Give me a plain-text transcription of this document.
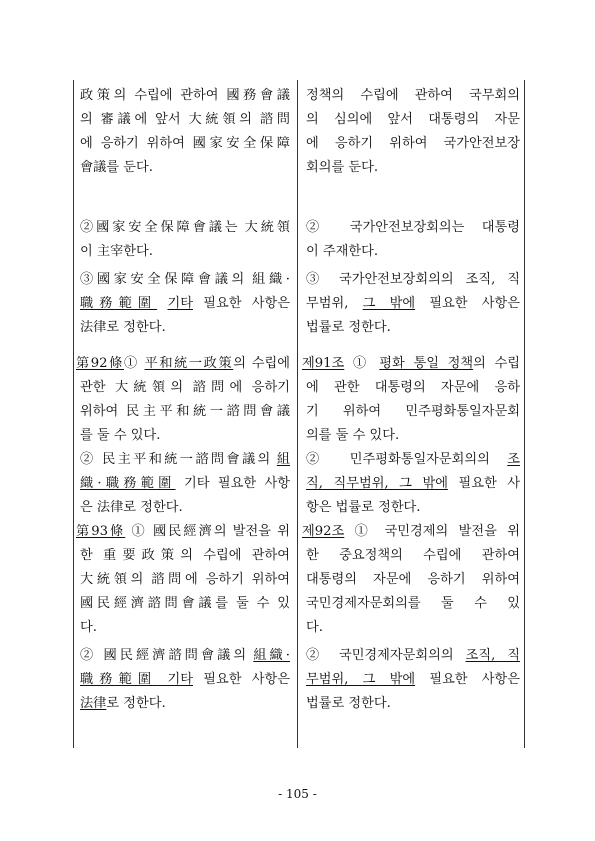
政策의 수립에 관하여 國務會議
의 審議에 앞서 大統領의 諮問
에 응하기 위하여 國家安全保障
會議를 둔다.
②國家安全保障會議는 大統領
이 主宰한다.
③國家安全保障會議의 組織·
職務範圍 기타 필요한 사항은
法律로 정한다.
第92條① 平和統一政策의 수립에
관한 大統領의 諮問에 응하기
위하여 民主平和統一諮問會議
를 둘 수 있다.
② 民主平和統一諮問會議의 組
織·職務範圍 기타 필요한 사항
은 法律로 정한다.
第93條 ① 國民經濟의 발전을 위
한 重要政策의 수립에 관하여
大統領의 諮問에 응하기 위하여
國民經濟諮問會議를 둘 수 있
다.
② 國民經濟諮問會議의 組織·
職務範圍 기타 필요한 사항은
法律로 정한다.
정책의 수립에 관하여 국무회의
의 심의에 앞서 대통령의 자문
에 응하기 위하여 국가안전보장
회의를 둔다.
② 국가안전보장회의는 대통령
이 주재한다.
③ 국가안전보장회의의 조직, 직
무범위, 그 밖에 필요한 사항은
법률로 정한다.
제91조 ① 평화 통일 정책의 수립
에 관한 대통령의 자문에 응하
기 위하여 민주평화통일자문회
의를 둘 수 있다.
② 민주평화통일자문회의의 조
직, 직무범위, 그 밖에 필요한 사
항은 법률로 정한다.
제92조 ① 국민경제의 발전을 위
한 중요정책의 수립에 관하여
대통령의 자문에 응하기 위하여
국민경제자문회의를 둘 수 있
다.
② 국민경제자문회의의 조직, 직
무범위, 그 밖에 필요한 사항은
법률로 정한다.
- 105 -
